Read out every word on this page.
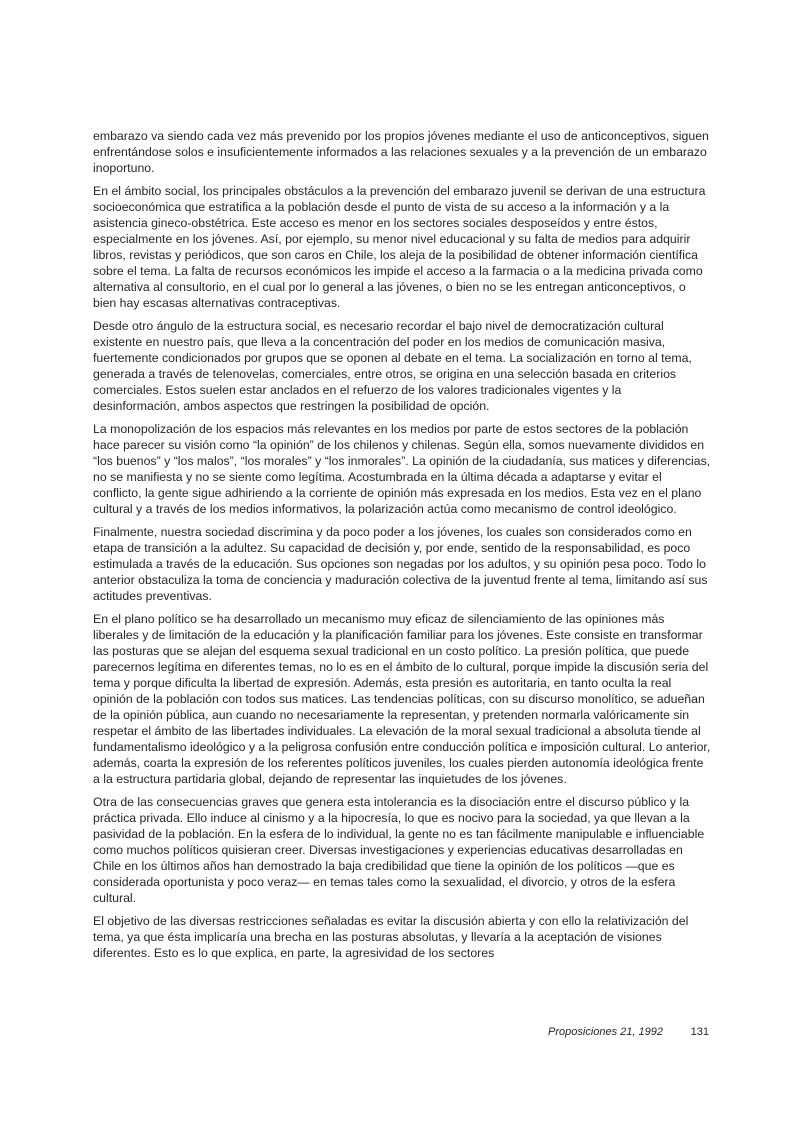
embarazo va siendo cada vez más prevenido por los propios jóvenes mediante el uso de anticonceptivos, siguen enfrentándose solos e insuficientemente informados a las relaciones sexuales y a la prevención de un embarazo inoportuno.

En el ámbito social, los principales obstáculos a la prevención del embarazo juvenil se derivan de una estructura socioeconómica que estratifica a la población desde el punto de vista de su acceso a la información y a la asistencia gineco-obstétrica. Este acceso es menor en los sectores sociales desposeídos y entre éstos, especialmente en los jóvenes. Así, por ejemplo, su menor nivel educacional y su falta de medios para adquirir libros, revistas y periódicos, que son caros en Chile, los aleja de la posibilidad de obtener información científica sobre el tema. La falta de recursos económicos les impide el acceso a la farmacia o a la medicina privada como alternativa al consultorio, en el cual por lo general a las jóvenes, o bien no se les entregan anticonceptivos, o bien hay escasas alternativas contraceptivas.

Desde otro ángulo de la estructura social, es necesario recordar el bajo nivel de democratización cultural existente en nuestro país, que lleva a la concentración del poder en los medios de comunicación masiva, fuertemente condicionados por grupos que se oponen al debate en el tema. La socialización en torno al tema, generada a través de telenovelas, comerciales, entre otros, se origina en una selección basada en criterios comerciales. Estos suelen estar anclados en el refuerzo de los valores tradicionales vigentes y la desinformación, ambos aspectos que restringen la posibilidad de opción.

La monopolización de los espacios más relevantes en los medios por parte de estos sectores de la población hace parecer su visión como “la opinión” de los chilenos y chilenas. Según ella, somos nuevamente divididos en “los buenos” y “los malos”, “los morales” y “los inmorales”. La opinión de la ciudadanía, sus matices y diferencias, no se manifiesta y no se siente como legítima. Acostumbrada en la última década a adaptarse y evitar el conflicto, la gente sigue adhiriendo a la corriente de opinión más expresada en los medios. Esta vez en el plano cultural y a través de los medios informativos, la polarización actúa como mecanismo de control ideológico.

Finalmente, nuestra sociedad discrimina y da poco poder a los jóvenes, los cuales son considerados como en etapa de transición a la adultez. Su capacidad de decisión y, por ende, sentido de la responsabilidad, es poco estimulada a través de la educación. Sus opciones son negadas por los adultos, y su opinión pesa poco. Todo lo anterior obstaculiza la toma de conciencia y maduración colectiva de la juventud frente al tema, limitando así sus actitudes preventivas.

En el plano político se ha desarrollado un mecanismo muy eficaz de silenciamiento de las opiniones más liberales y de limitación de la educación y la planificación familiar para los jóvenes. Este consiste en transformar las posturas que se alejan del esquema sexual tradicional en un costo político. La presión política, que puede parecernos legítima en diferentes temas, no lo es en el ámbito de lo cultural, porque impide la discusión seria del tema y porque dificulta la libertad de expresión. Además, esta presión es autoritaria, en tanto oculta la real opinión de la población con todos sus matices. Las tendencias políticas, con su discurso monolítico, se adueñan de la opinión pública, aun cuando no necesariamente la representan, y pretenden normarla valóricamente sin respetar el ámbito de las libertades individuales. La elevación de la moral sexual tradicional a absoluta tiende al fundamentalismo ideológico y a la peligrosa confusión entre conducción política e imposición cultural. Lo anterior, además, coarta la expresión de los referentes políticos juveniles, los cuales pierden autonomía ideológica frente a la estructura partidaria global, dejando de representar las inquietudes de los jóvenes.

Otra de las consecuencias graves que genera esta intolerancia es la disociación entre el discurso público y la práctica privada. Ello induce al cinismo y a la hipocresía, lo que es nocivo para la sociedad, ya que llevan a la pasividad de la población. En la esfera de lo individual, la gente no es tan fácilmente manipulable e influenciable como muchos políticos quisieran creer. Diversas investigaciones y experiencias educativas desarrolladas en Chile en los últimos años han demostrado la baja credibilidad que tiene la opinión de los políticos —que es considerada oportunista y poco veraz— en temas tales como la sexualidad, el divorcio, y otros de la esfera cultural.

El objetivo de las diversas restricciones señaladas es evitar la discusión abierta y con ello la relativización del tema, ya que ésta implicaría una brecha en las posturas absolutas, y llevaría a la aceptación de visiones diferentes. Esto es lo que explica, en parte, la agresividad de los sectores

Proposiciones 21, 1992	131
